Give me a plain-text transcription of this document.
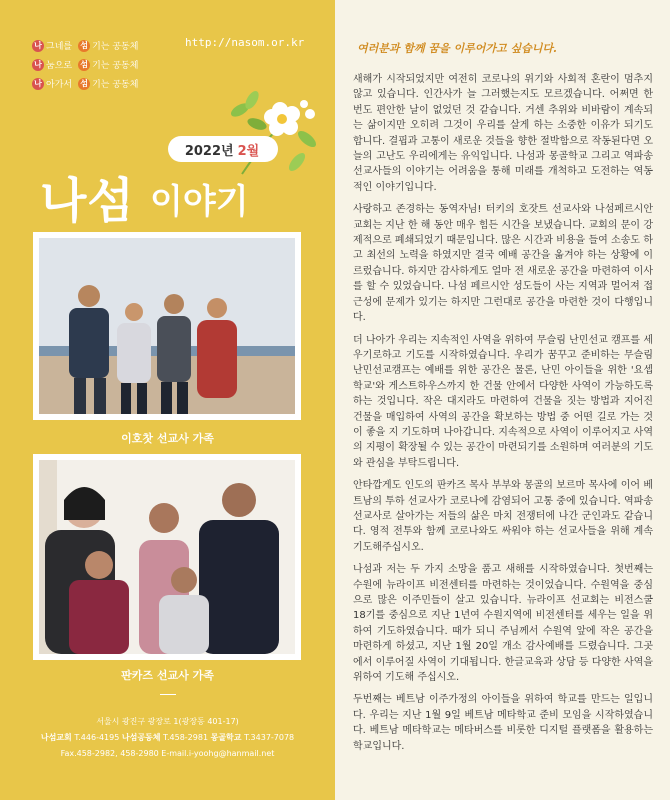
나 그네를 섬 기는 공동체
나 눔으로 섬 기는 공동체
나 아가서 섬 기는 공동체
http://nasom.or.kr
2022년 2월
나섬 이야기
이호찻 선교사 가족
판카즈 선교사 가족
서울시 광진구 광장로 1(광장동 401-17)
나섬교회 T.446-4195 나섬공동체 T.458-2981 몽골학교 T.3437-7078
Fax.458-2982, 458-2980 E-mail.i-yoohg@hanmail.net
여러분과 함께 꿈을 이루어가고 싶습니다.

새해가 시작되었지만 여전히 코로나의 위기와 사회적 혼란이 멈추지 않고 있습니다. 인간사가 늘 그러했는지도 모르겠습니다. 어쩌면 한 번도 편안한 날이 없었던 것 같습니다. 거센 추위와 비바람이 계속되는 삶이지만 오히려 그것이 우리를 살게 하는 소중한 이유가 되기도 합니다. 결핍과 고통이 새로운 것들을 향한 절박함으로 작동된다면 오늘의 고난도 우리에게는 유익입니다. 나섬과 몽골학교 그리고 역파송 선교사들의 이야기는 어려움을 통해 미래를 개척하고 도전하는 역동적인 이야기입니다.

사랑하고 존경하는 동역자님! 터키의 호잣트 선교사와 나섬페르시안교회는 지난 한 해 동안 매우 힘든 시간을 보냈습니다. 교회의 문이 강제적으로 폐쇄되었기 때문입니다. 많은 시간과 비용을 들여 소송도 하고 최선의 노력을 하였지만 결국 예배 공간을 옮겨야 하는 상황에 이르렀습니다. 하지만 감사하게도 얼마 전 새로운 공간을 마련하여 이사를 할 수 있었습니다. 나섬 페르시안 성도들이 사는 지역과 멀어져 접근성에 문제가 있기는 하지만 그런대로 공간을 마련한 것이 다행입니다.

더 나아가 우리는 지속적인 사역을 위하여 무슬림 난민선교 캠프를 세우기로하고 기도를 시작하였습니다. 우리가 꿈꾸고 준비하는 무슬림 난민선교캠프는 예배를 위한 공간은 물론, 난민 아이들을 위한 '요셉학교'와 게스트하우스까지 한 건물 안에서 다양한 사역이 가능하도록 하는 것입니다. 작은 대지라도 마련하여 건물을 짓는 방법과 지어진 건물을 매입하여 사역의 공간을 확보하는 방법 중 어떤 길로 가는 것이 좋을 지 기도하며 나아갑니다. 지속적으로 사역이 이루어지고 사역의 지평이 확장될 수 있는 공간이 마련되기를 소원하며 여러분의 기도와 관심을 부탁드립니다.

안타깝게도 인도의 판카즈 목사 부부와 몽골의 보르마 목사에 이어 베트남의 투하 선교사가 코로나에 감염되어 고통 중에 있습니다. 역파송 선교사로 살아가는 저들의 삶은 마치 전쟁터에 나간 군인과도 같습니다. 영적 전투와 함께 코로나와도 싸워야 하는 선교사들을 위해 계속 기도해주십시오.

나섬과 저는 두 가지 소망을 품고 새해를 시작하였습니다. 첫번째는 수원에 뉴라이프 비전센터를 마련하는 것이었습니다. 수원역을 중심으로 많은 이주민들이 살고 있습니다. 뉴라이프 선교회는 비전스쿨 18기를 중심으로 지난 1년여 수원지역에 비전센터를 세우는 일을 위하여 기도하였습니다. 때가 되니 주님께서 수원역 앞에 작은 공간을 마련하게 하셨고, 지난 1월 20일 개소 감사예배를 드렸습니다. 그곳에서 이루어질 사역이 기대됩니다. 한글교육과 상담 등 다양한 사역을 위하여 기도해 주십시오.

두번째는 베트남 이주가정의 아이들을 위하여 학교를 만드는 일입니다. 우리는 지난 1월 9일 베트남 메타학교 준비 모임을 시작하였습니다. 베트남 메타학교는 메타버스를 비롯한 디지털 플랫폼을 활용하는 학교입니다.
